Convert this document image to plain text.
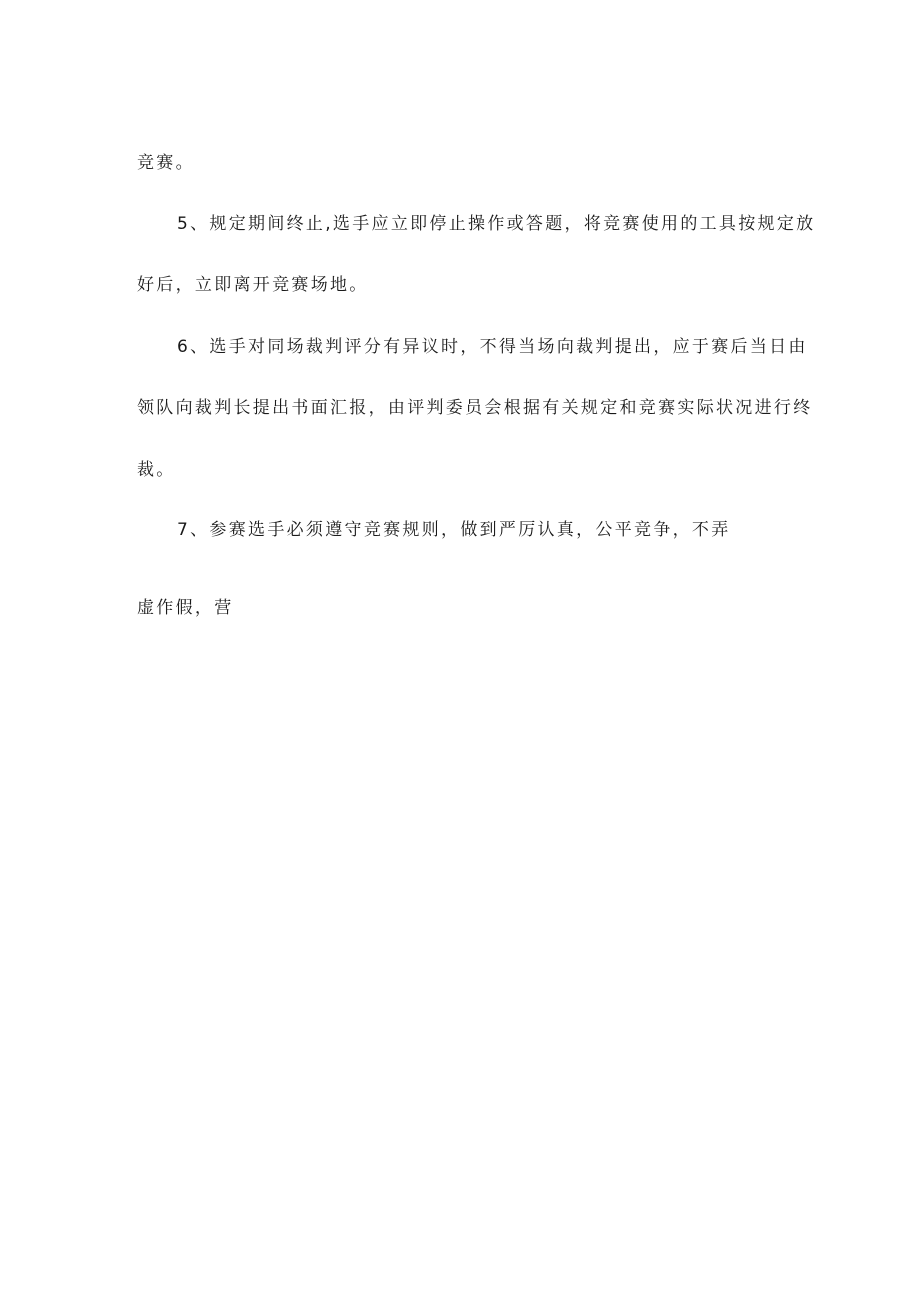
竞赛。
5、规定期间终止,选手应立即停止操作或答题，将竞赛使用的工具按规定放
好后，立即离开竞赛场地。
6、选手对同场裁判评分有异议时，不得当场向裁判提出，应于赛后当日由
领队向裁判长提出书面汇报，由评判委员会根据有关规定和竞赛实际状况进行终
裁。
7、参赛选手必须遵守竞赛规则，做到严厉认真，公平竞争，不弄
虚作假，营
